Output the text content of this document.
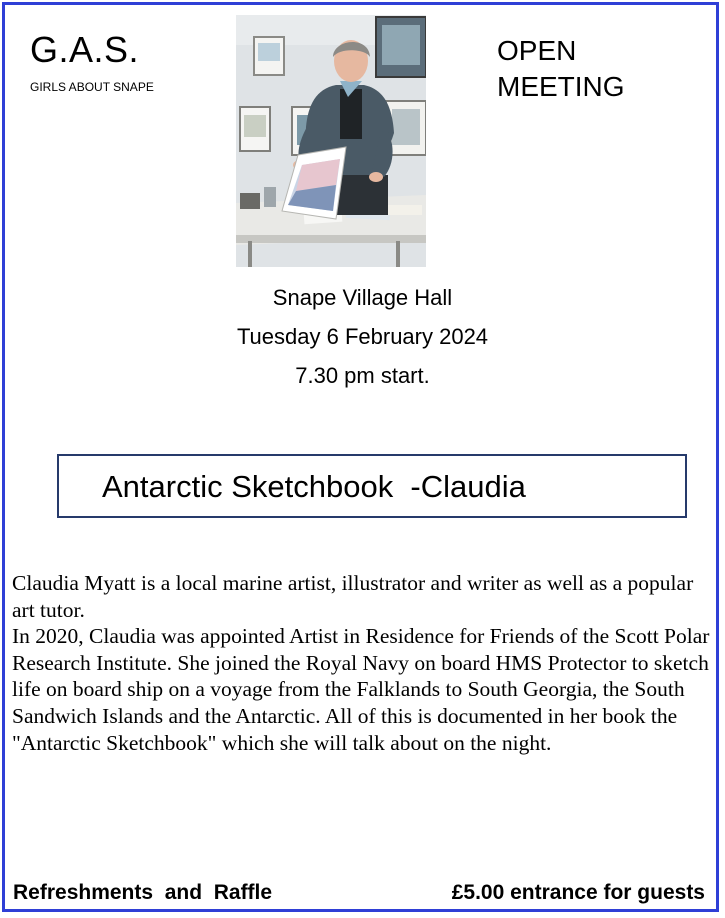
G.A.S.
GIRLS ABOUT SNAPE
OPEN
MEETING
Snape Village Hall
Tuesday 6 February 2024
7.30 pm start.
Antarctic Sketchbook  -Claudia

Claudia Myatt is a local marine artist, illustrator and writer as well as a popular art tutor.

In 2020, Claudia was appointed Artist in Residence for Friends of the Scott Polar Research Institute. She joined the Royal Navy on board HMS Protector to sketch life on board ship on a voyage from the Falklands to South Georgia, the South Sandwich Islands and the Antarctic. All of this is documented in her book the "Antarctic Sketchbook" which she will talk about on the night.

Refreshments  and  Raffle	£5.00 entrance for guests
